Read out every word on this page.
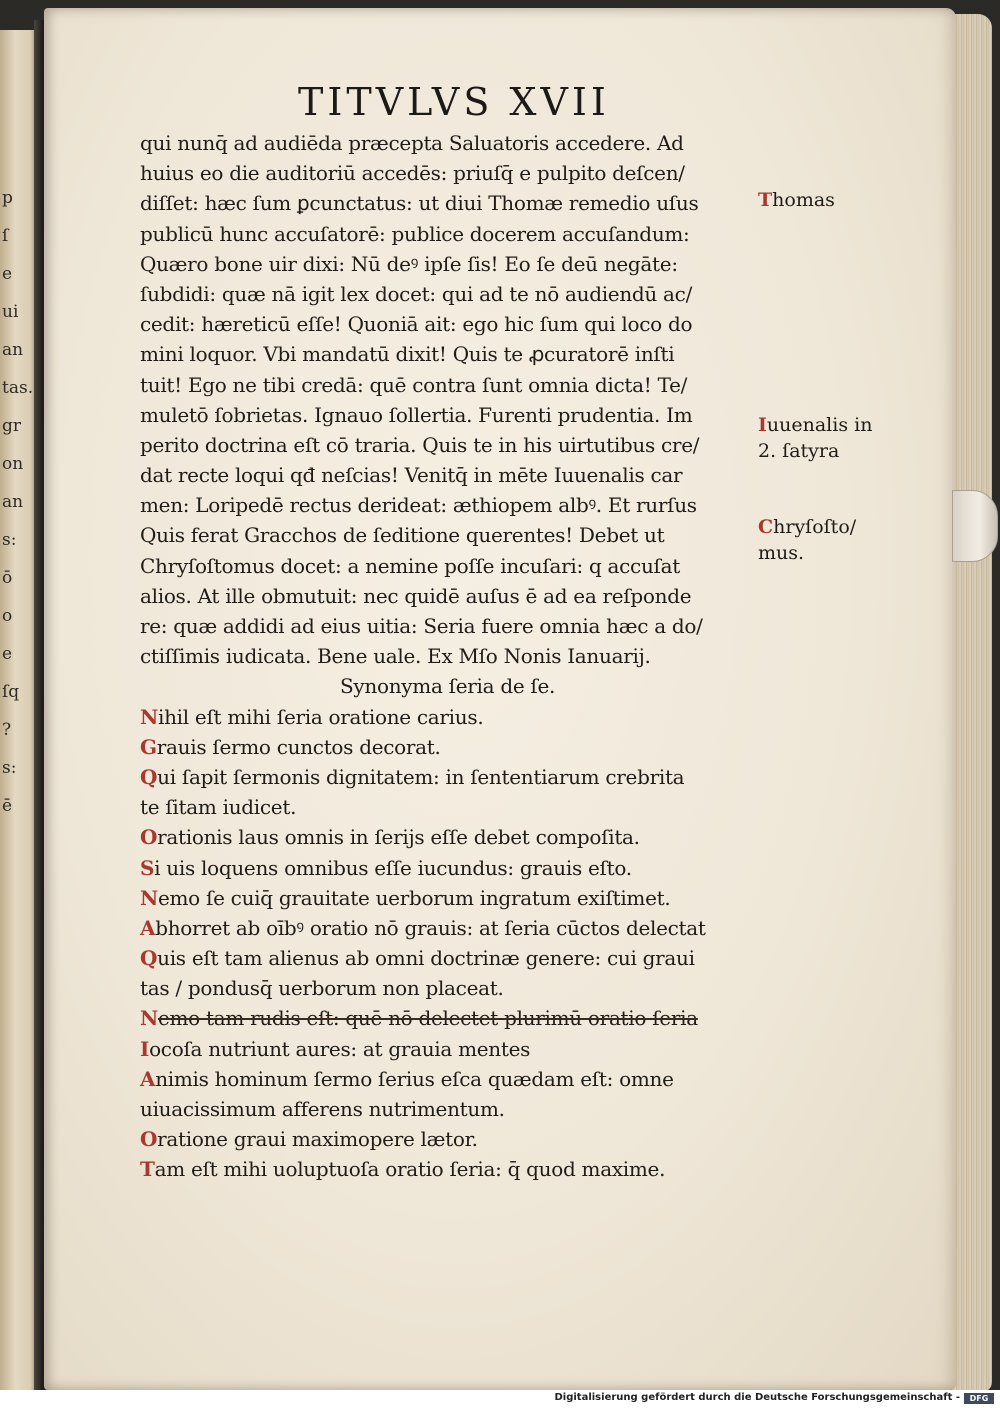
p
ſ
e
ui
an
tas.
gr
on
an
s:
ō
o
e
ſq
?
s:
ē
TITVLVS XVII
qui nunq̄ ad audiēda præcepta Saluatoris accedere. Ad
huius eo die auditoriū accedēs: priuſq̄ e pulpito deſcen/
diſſet: hæc ſum ꝑcunctatus: ut diui Thomæ remedio uſus
publicū hunc accuſatorē: publice docerem accuſandum:
Quæro bone uir dixi: Nū deꝰ ipſe ſis! Eo ſe deū negāte:
ſubdidi: quæ nā igit lex docet: qui ad te nō audiendū ac/
cedit: hæreticū eſſe! Quoniā ait: ego hic ſum qui loco do
mini loquor. Vbi mandatū dixit! Quis te ꝓcuratorē inſti
tuit! Ego ne tibi credā: quē contra ſunt omnia dicta! Te/
muletō ſobrietas. Ignauo ſollertia. Furenti prudentia. Im
perito doctrina eſt cō traria. Quis te in his uirtutibus cre/
dat recte loqui qđ neſcias! Venitq̄ in mēte Iuuenalis car
men: Loripedē rectus derideat: æthiopem albꝰ. Et rurſus
Quis ferat Gracchos de ſeditione querentes! Debet ut
Chryſoſtomus docet: a nemine poſſe incuſari: q accuſat
alios. At ille obmutuit: nec quidē auſus ē ad ea reſponde
re: quæ addidi ad eius uitia: Seria fuere omnia hæc a do/
ctiſſimis iudicata. Bene uale. Ex Mſo Nonis Ianuarij.
Synonyma ſeria de ſe.
Nihil eſt mihi ſeria oratione carius.
Grauis ſermo cunctos decorat.
Qui ſapit ſermonis dignitatem: in ſententiarum crebrita
te ſitam iudicet.
Orationis laus omnis in ſerijs eſſe debet compoſita.
Si uis loquens omnibus eſſe iucundus: grauis eſto.
Nemo ſe cuiq̄ grauitate uerborum ingratum exiſtimet.
Abhorret ab oībꝰ oratio nō grauis: at ſeria cūctos delectat
Quis eſt tam alienus ab omni doctrinæ genere: cui graui
tas / pondusq̄ uerborum non placeat.
Nemo tam rudis eſt: quē nō delectet plurimū oratio ſeria
Iocoſa nutriunt aures: at grauia mentes
Animis hominum ſermo ſerius eſca quædam eſt: omne
uiuacissimum afferens nutrimentum.
Oratione graui maximopere lætor.
Tam eſt mihi uoluptuoſa oratio ſeria: q̄ quod maxime.
Thomas
Iuuenalis in
2. ſatyra
Chryſoſto/
mus.
Digitalisierung gefördert durch die Deutsche Forschungsgemeinschaft -	DFG
